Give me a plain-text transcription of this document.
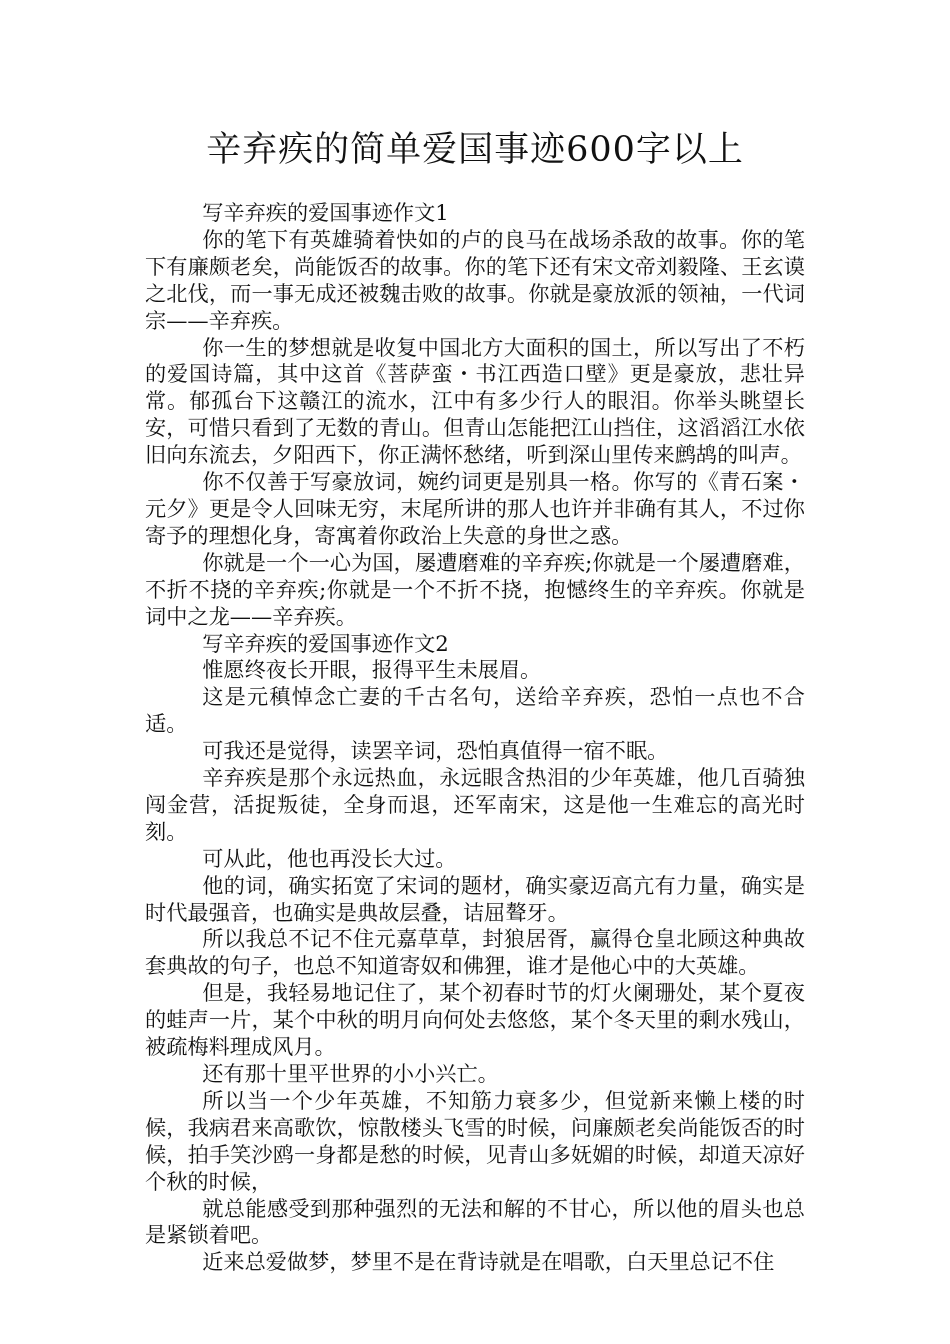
辛弃疾的简单爱国事迹600字以上

写辛弃疾的爱国事迹作文1

你的笔下有英雄骑着快如的卢的良马在战场杀敌的故事。你的笔下有廉颇老矣，尚能饭否的故事。你的笔下还有宋文帝刘毅隆、王玄谟之北伐，而一事无成还被魏击败的故事。你就是豪放派的领袖，一代词宗——辛弃疾。

你一生的梦想就是收复中国北方大面积的国土，所以写出了不朽的爱国诗篇，其中这首《菩萨蛮・书江西造口壁》更是豪放，悲壮异常。郁孤台下这赣江的流水，江中有多少行人的眼泪。你举头眺望长安，可惜只看到了无数的青山。但青山怎能把江山挡住，这滔滔江水依旧向东流去，夕阳西下，你正满怀愁绪，听到深山里传来鹧鸪的叫声。

你不仅善于写豪放词，婉约词更是别具一格。你写的《青石案・元夕》更是令人回味无穷，末尾所讲的那人也许并非确有其人，不过你寄予的理想化身，寄寓着你政治上失意的身世之惑。

你就是一个一心为国，屡遭磨难的辛弃疾;你就是一个屡遭磨难，不折不挠的辛弃疾;你就是一个不折不挠，抱憾终生的辛弃疾。你就是词中之龙——辛弃疾。

写辛弃疾的爱国事迹作文2

惟愿终夜长开眼，报得平生未展眉。

这是元稹悼念亡妻的千古名句，送给辛弃疾，恐怕一点也不合适。

可我还是觉得，读罢辛词，恐怕真值得一宿不眠。

辛弃疾是那个永远热血，永远眼含热泪的少年英雄，他几百骑独闯金营，活捉叛徒，全身而退，还军南宋，这是他一生难忘的高光时刻。

可从此，他也再没长大过。

他的词，确实拓宽了宋词的题材，确实豪迈高亢有力量，确实是时代最强音，也确实是典故层叠，诘屈聱牙。

所以我总不记不住元嘉草草，封狼居胥，赢得仓皇北顾这种典故套典故的句子，也总不知道寄奴和佛狸，谁才是他心中的大英雄。

但是，我轻易地记住了，某个初春时节的灯火阑珊处，某个夏夜的蛙声一片，某个中秋的明月向何处去悠悠，某个冬天里的剩水残山，被疏梅料理成风月。

还有那十里平世界的小小兴亡。

所以当一个少年英雄，不知筋力衰多少，但觉新来懒上楼的时候，我病君来高歌饮，惊散楼头飞雪的时候，问廉颇老矣尚能饭否的时候，拍手笑沙鸥一身都是愁的时候，见青山多妩媚的时候，却道天凉好个秋的时候，

就总能感受到那种强烈的无法和解的不甘心，所以他的眉头也总是紧锁着吧。

近来总爱做梦，梦里不是在背诗就是在唱歌，白天里总记不住
